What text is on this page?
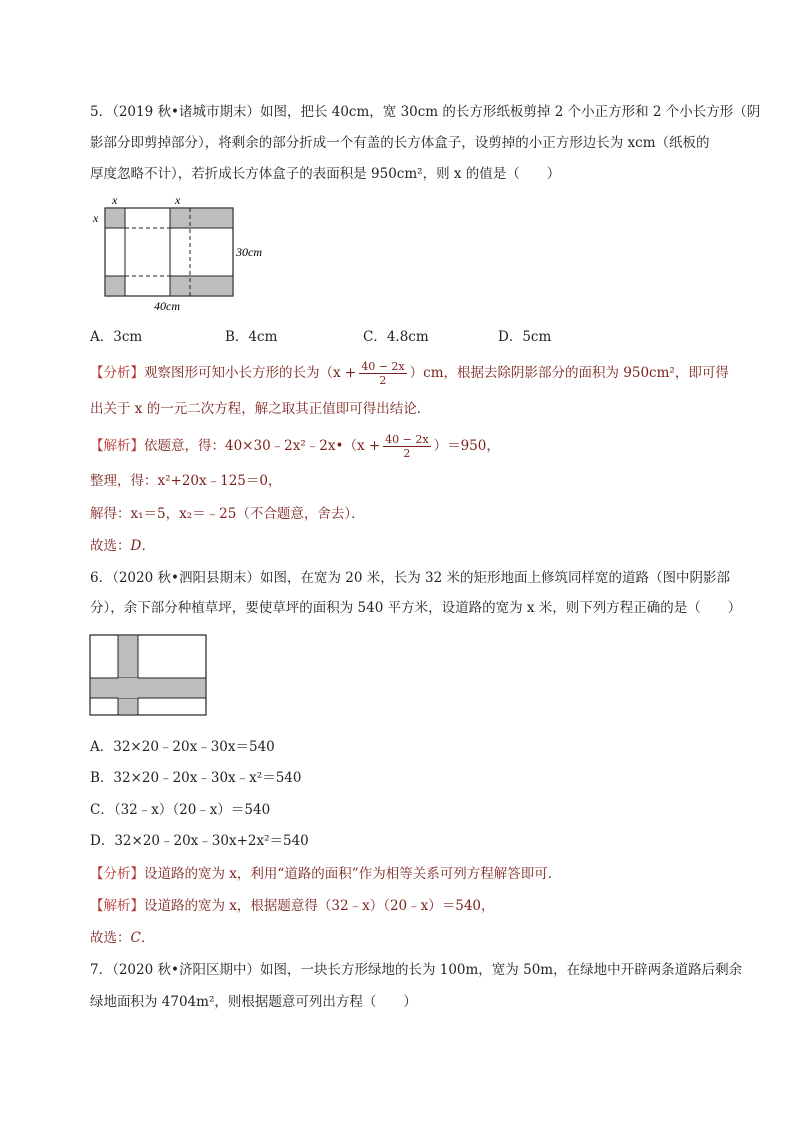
5．（2019 秋•诸城市期末）如图，把长 40cm，宽 30cm 的长方形纸板剪掉 2 个小正方形和 2 个小长方形（阴
影部分即剪掉部分），将剩余的部分折成一个有盖的长方体盒子，设剪掉的小正方形边长为 xcm（纸板的
厚度忽略不计），若折成长方体盒子的表面积是 950cm²，则 x 的值是（　　）
x	x
x
30cm
40cm
A．3cm	B．4cm	C．4.8cm	D．5cm
【分析】观察图形可知小长方形的长为$(x + \frac{40 - 2x}{2} )cm$，根据去除阴影部分的面积为 950cm²，即可得
出关于 x 的一元二次方程，解之取其正值即可得出结论．
【解析】依题意，得：40×30﹣2x²﹣2x•（x + $\frac{40 - 2x}{2} )=950$，
整理，得：x²+20x﹣125＝0，
解得：x₁＝5，x₂＝﹣25（不合题意，舍去）．
故选：D．
6．（2020 秋•泗阳县期末）如图，在宽为 20 米，长为 32 米的矩形地面上修筑同样宽的道路（图中阴影部
分），余下部分种植草坪，要使草坪的面积为 540 平方米，设道路的宽为 x 米，则下列方程正确的是（　　）
A．32×20﹣20x﹣30x＝540
B．32×20﹣20x﹣30x﹣x²＝540
C．（32﹣x）（20﹣x）＝540
D．32×20﹣20x﹣30x+2x²＝540
【分析】设道路的宽为 x，利用“道路的面积”作为相等关系可列方程解答即可．
【解析】设道路的宽为 x，根据题意得（32﹣x）（20﹣x）＝540，
故选：C．
7．（2020 秋•济阳区期中）如图，一块长方形绿地的长为 100m，宽为 50m，在绿地中开辟两条道路后剩余
绿地面积为 4704m²，则根据题意可列出方程（　　）
